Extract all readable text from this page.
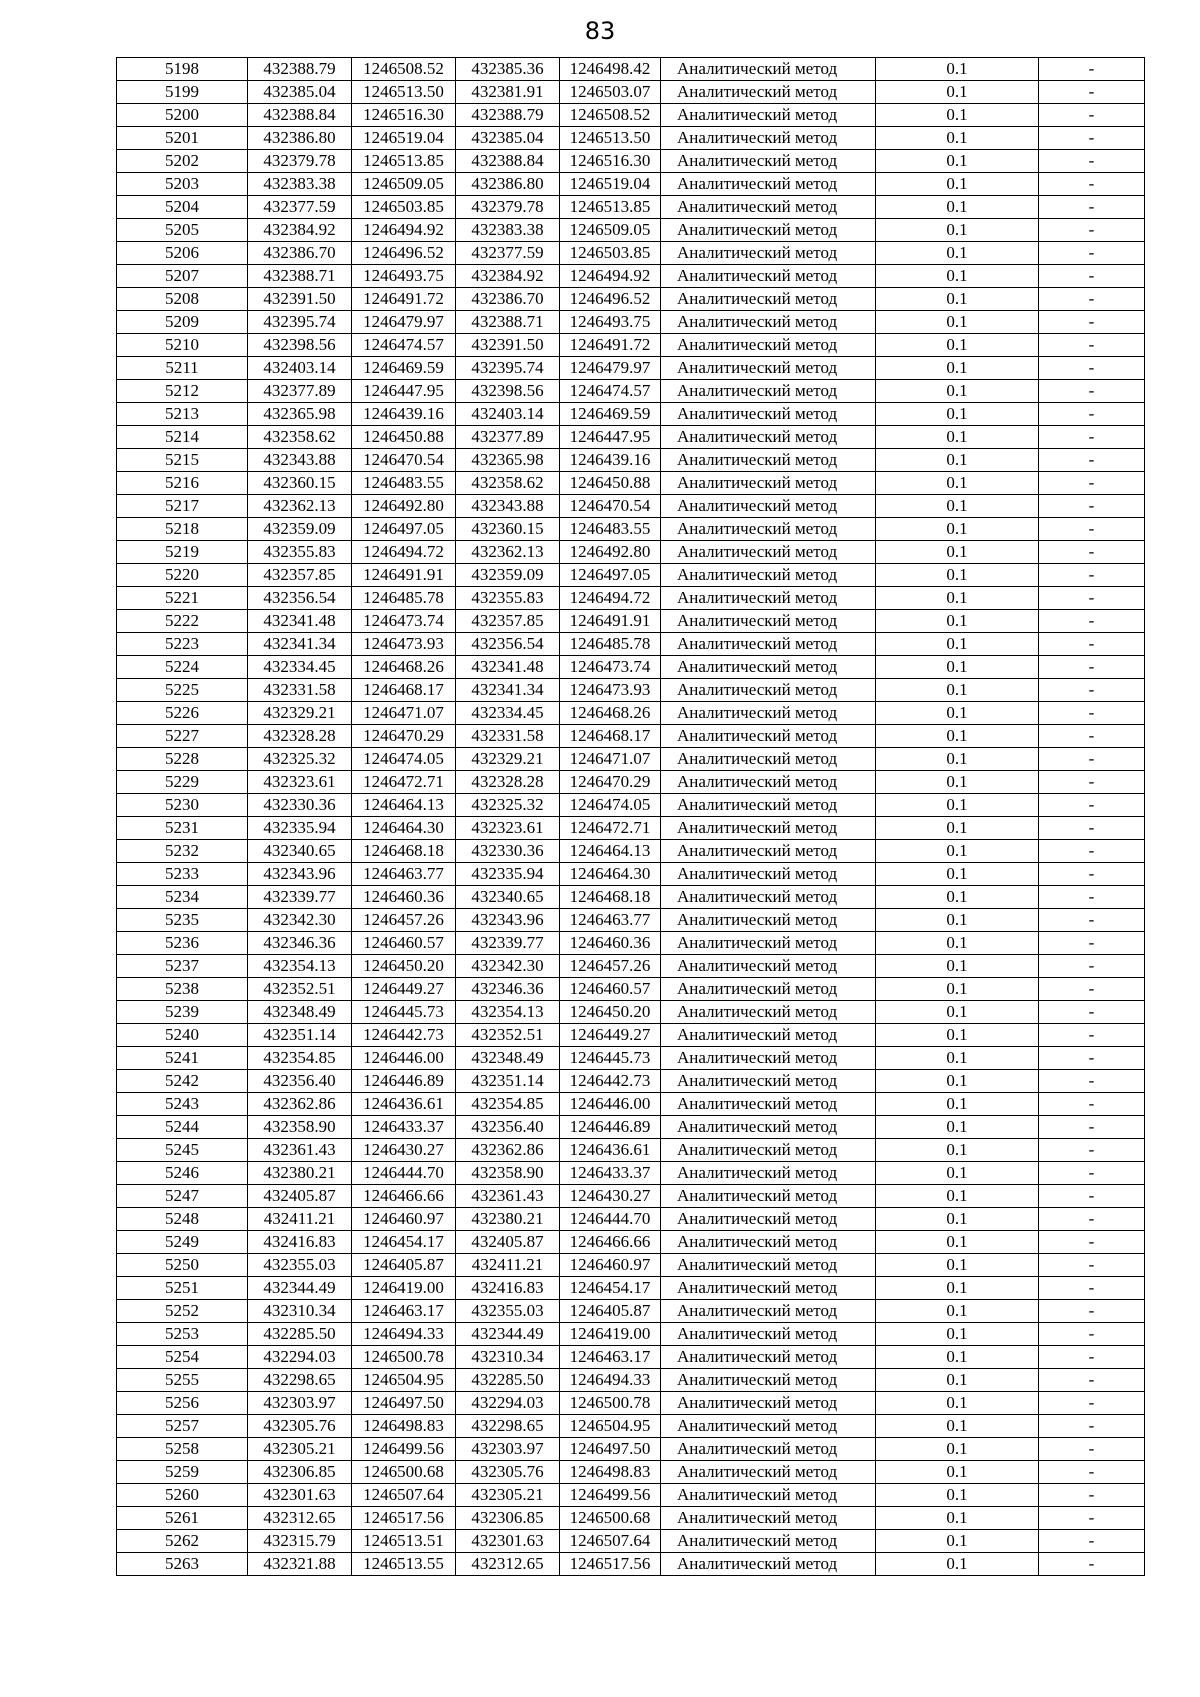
83
5198	432388.79	1246508.52	432385.36	1246498.42	Аналитический метод	0.1	-
5199	432385.04	1246513.50	432381.91	1246503.07	Аналитический метод	0.1	-
5200	432388.84	1246516.30	432388.79	1246508.52	Аналитический метод	0.1	-
5201	432386.80	1246519.04	432385.04	1246513.50	Аналитический метод	0.1	-
5202	432379.78	1246513.85	432388.84	1246516.30	Аналитический метод	0.1	-
5203	432383.38	1246509.05	432386.80	1246519.04	Аналитический метод	0.1	-
5204	432377.59	1246503.85	432379.78	1246513.85	Аналитический метод	0.1	-
5205	432384.92	1246494.92	432383.38	1246509.05	Аналитический метод	0.1	-
5206	432386.70	1246496.52	432377.59	1246503.85	Аналитический метод	0.1	-
5207	432388.71	1246493.75	432384.92	1246494.92	Аналитический метод	0.1	-
5208	432391.50	1246491.72	432386.70	1246496.52	Аналитический метод	0.1	-
5209	432395.74	1246479.97	432388.71	1246493.75	Аналитический метод	0.1	-
5210	432398.56	1246474.57	432391.50	1246491.72	Аналитический метод	0.1	-
5211	432403.14	1246469.59	432395.74	1246479.97	Аналитический метод	0.1	-
5212	432377.89	1246447.95	432398.56	1246474.57	Аналитический метод	0.1	-
5213	432365.98	1246439.16	432403.14	1246469.59	Аналитический метод	0.1	-
5214	432358.62	1246450.88	432377.89	1246447.95	Аналитический метод	0.1	-
5215	432343.88	1246470.54	432365.98	1246439.16	Аналитический метод	0.1	-
5216	432360.15	1246483.55	432358.62	1246450.88	Аналитический метод	0.1	-
5217	432362.13	1246492.80	432343.88	1246470.54	Аналитический метод	0.1	-
5218	432359.09	1246497.05	432360.15	1246483.55	Аналитический метод	0.1	-
5219	432355.83	1246494.72	432362.13	1246492.80	Аналитический метод	0.1	-
5220	432357.85	1246491.91	432359.09	1246497.05	Аналитический метод	0.1	-
5221	432356.54	1246485.78	432355.83	1246494.72	Аналитический метод	0.1	-
5222	432341.48	1246473.74	432357.85	1246491.91	Аналитический метод	0.1	-
5223	432341.34	1246473.93	432356.54	1246485.78	Аналитический метод	0.1	-
5224	432334.45	1246468.26	432341.48	1246473.74	Аналитический метод	0.1	-
5225	432331.58	1246468.17	432341.34	1246473.93	Аналитический метод	0.1	-
5226	432329.21	1246471.07	432334.45	1246468.26	Аналитический метод	0.1	-
5227	432328.28	1246470.29	432331.58	1246468.17	Аналитический метод	0.1	-
5228	432325.32	1246474.05	432329.21	1246471.07	Аналитический метод	0.1	-
5229	432323.61	1246472.71	432328.28	1246470.29	Аналитический метод	0.1	-
5230	432330.36	1246464.13	432325.32	1246474.05	Аналитический метод	0.1	-
5231	432335.94	1246464.30	432323.61	1246472.71	Аналитический метод	0.1	-
5232	432340.65	1246468.18	432330.36	1246464.13	Аналитический метод	0.1	-
5233	432343.96	1246463.77	432335.94	1246464.30	Аналитический метод	0.1	-
5234	432339.77	1246460.36	432340.65	1246468.18	Аналитический метод	0.1	-
5235	432342.30	1246457.26	432343.96	1246463.77	Аналитический метод	0.1	-
5236	432346.36	1246460.57	432339.77	1246460.36	Аналитический метод	0.1	-
5237	432354.13	1246450.20	432342.30	1246457.26	Аналитический метод	0.1	-
5238	432352.51	1246449.27	432346.36	1246460.57	Аналитический метод	0.1	-
5239	432348.49	1246445.73	432354.13	1246450.20	Аналитический метод	0.1	-
5240	432351.14	1246442.73	432352.51	1246449.27	Аналитический метод	0.1	-
5241	432354.85	1246446.00	432348.49	1246445.73	Аналитический метод	0.1	-
5242	432356.40	1246446.89	432351.14	1246442.73	Аналитический метод	0.1	-
5243	432362.86	1246436.61	432354.85	1246446.00	Аналитический метод	0.1	-
5244	432358.90	1246433.37	432356.40	1246446.89	Аналитический метод	0.1	-
5245	432361.43	1246430.27	432362.86	1246436.61	Аналитический метод	0.1	-
5246	432380.21	1246444.70	432358.90	1246433.37	Аналитический метод	0.1	-
5247	432405.87	1246466.66	432361.43	1246430.27	Аналитический метод	0.1	-
5248	432411.21	1246460.97	432380.21	1246444.70	Аналитический метод	0.1	-
5249	432416.83	1246454.17	432405.87	1246466.66	Аналитический метод	0.1	-
5250	432355.03	1246405.87	432411.21	1246460.97	Аналитический метод	0.1	-
5251	432344.49	1246419.00	432416.83	1246454.17	Аналитический метод	0.1	-
5252	432310.34	1246463.17	432355.03	1246405.87	Аналитический метод	0.1	-
5253	432285.50	1246494.33	432344.49	1246419.00	Аналитический метод	0.1	-
5254	432294.03	1246500.78	432310.34	1246463.17	Аналитический метод	0.1	-
5255	432298.65	1246504.95	432285.50	1246494.33	Аналитический метод	0.1	-
5256	432303.97	1246497.50	432294.03	1246500.78	Аналитический метод	0.1	-
5257	432305.76	1246498.83	432298.65	1246504.95	Аналитический метод	0.1	-
5258	432305.21	1246499.56	432303.97	1246497.50	Аналитический метод	0.1	-
5259	432306.85	1246500.68	432305.76	1246498.83	Аналитический метод	0.1	-
5260	432301.63	1246507.64	432305.21	1246499.56	Аналитический метод	0.1	-
5261	432312.65	1246517.56	432306.85	1246500.68	Аналитический метод	0.1	-
5262	432315.79	1246513.51	432301.63	1246507.64	Аналитический метод	0.1	-
5263	432321.88	1246513.55	432312.65	1246517.56	Аналитический метод	0.1	-
